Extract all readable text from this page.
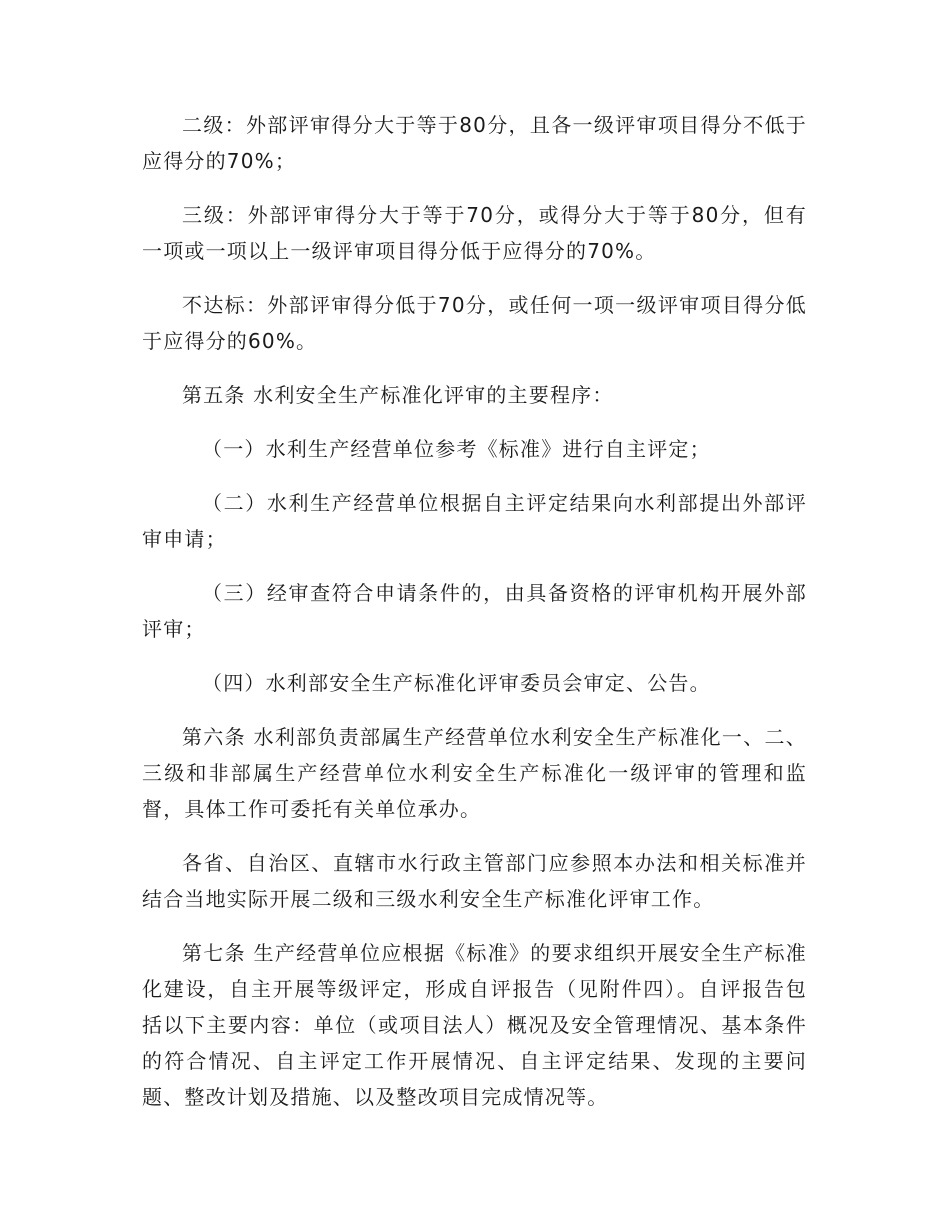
二级：外部评审得分大于等于80分，且各一级评审项目得分不低于应得分的70%；

三级：外部评审得分大于等于70分，或得分大于等于80分，但有一项或一项以上一级评审项目得分低于应得分的70%。

不达标：外部评审得分低于70分，或任何一项一级评审项目得分低于应得分的60%。

第五条 水利安全生产标准化评审的主要程序：

（一）水利生产经营单位参考《标准》进行自主评定；

（二）水利生产经营单位根据自主评定结果向水利部提出外部评审申请；

（三）经审查符合申请条件的，由具备资格的评审机构开展外部评审；

（四）水利部安全生产标准化评审委员会审定、公告。

第六条 水利部负责部属生产经营单位水利安全生产标准化一、二、三级和非部属生产经营单位水利安全生产标准化一级评审的管理和监督，具体工作可委托有关单位承办。

各省、自治区、直辖市水行政主管部门应参照本办法和相关标准并结合当地实际开展二级和三级水利安全生产标准化评审工作。

第七条 生产经营单位应根据《标准》的要求组织开展安全生产标准化建设，自主开展等级评定，形成自评报告（见附件四）。自评报告包括以下主要内容：单位（或项目法人）概况及安全管理情况、基本条件的符合情况、自主评定工作开展情况、自主评定结果、发现的主要问题、整改计划及措施、以及整改项目完成情况等。
